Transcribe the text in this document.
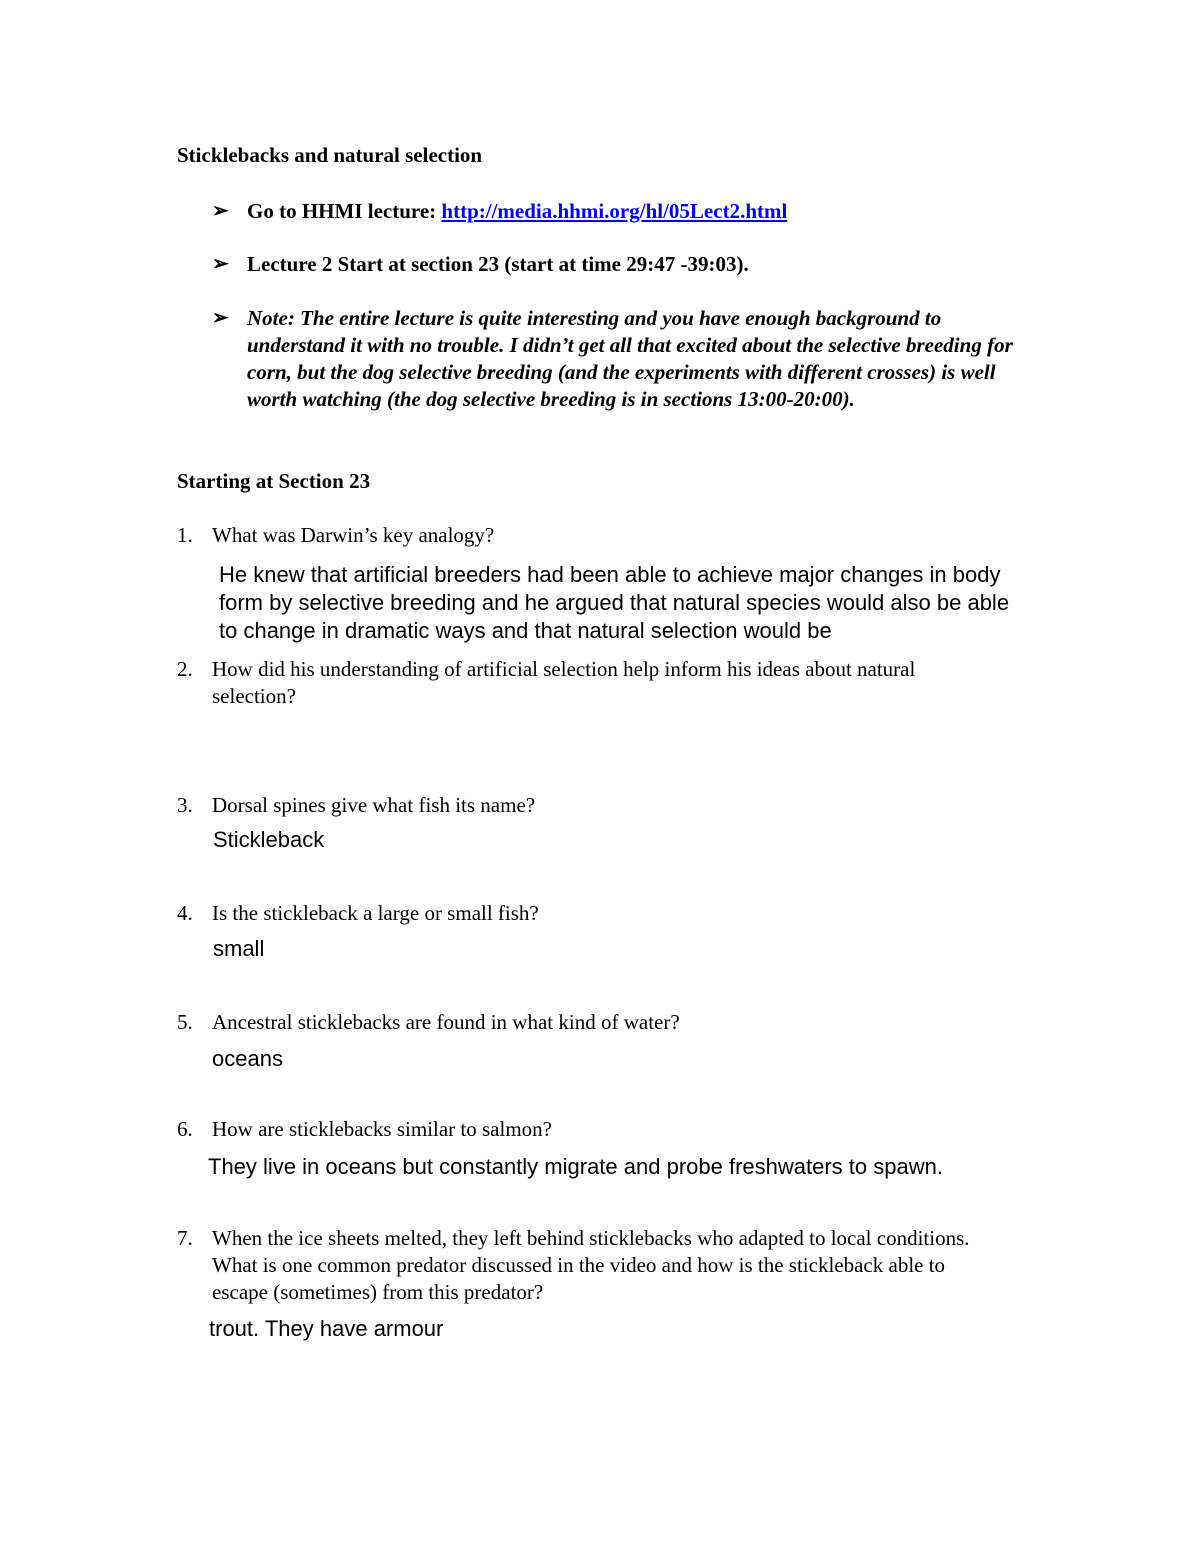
Sticklebacks and natural selection
➢ Go to HHMI lecture: http://media.hhmi.org/hl/05Lect2.html
➢ Lecture 2 Start at section 23 (start at time 29:47 -39:03).
➢ Note: The entire lecture is quite interesting and you have enough background to understand it with no trouble. I didn’t get all that excited about the selective breeding for corn, but the dog selective breeding (and the experiments with different crosses) is well worth watching (the dog selective breeding is in sections 13:00-20:00).
Starting at Section 23
1. What was Darwin’s key analogy?
He knew that artificial breeders had been able to achieve major changes in body form by selective breeding and he argued that natural species would also be able to change in dramatic ways and that natural selection would be
2. How did his understanding of artificial selection help inform his ideas about natural selection?
3. Dorsal spines give what fish its name?
Stickleback
4. Is the stickleback a large or small fish?
small
5. Ancestral sticklebacks are found in what kind of water?
oceans
6. How are sticklebacks similar to salmon?
They live in oceans but constantly migrate and probe freshwaters to spawn.
7. When the ice sheets melted, they left behind sticklebacks who adapted to local conditions. What is one common predator discussed in the video and how is the stickleback able to escape (sometimes) from this predator?
trout. They have armour
